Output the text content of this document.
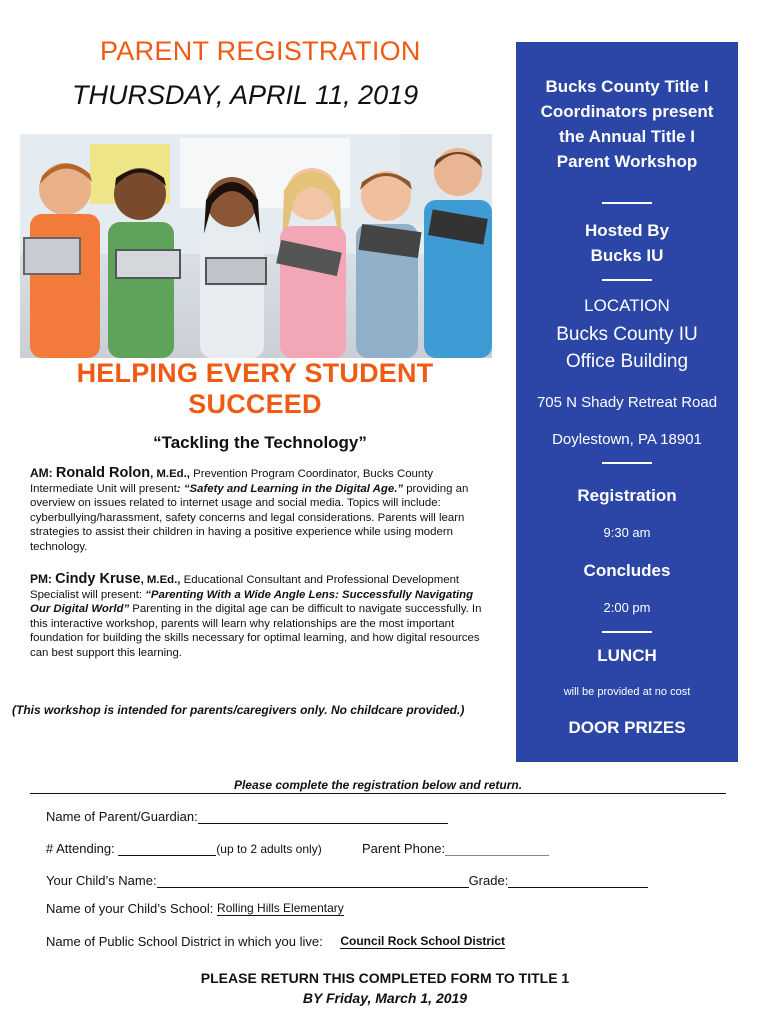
PARENT REGISTRATION
THURSDAY, APRIL 11, 2019
HELPING EVERY STUDENT
SUCCEED
“Tackling the Technology”
AM: Ronald Rolon, M.Ed., Prevention Program Coordinator, Bucks County Intermediate Unit will present: “Safety and Learning in the Digital Age.” providing an overview on issues related to internet usage and social media. Topics will include: cyberbullying/harassment, safety concerns and legal considerations. Parents will learn strategies to assist their children in having a positive experience while using modern technology.
PM: Cindy Kruse, M.Ed., Educational Consultant and Professional Development Specialist will present: “Parenting With a Wide Angle Lens: Successfully Navigating Our Digital World” Parenting in the digital age can be difficult to navigate successfully. In this interactive workshop, parents will learn why relationships are the most important foundation for building the skills necessary for optimal learning, and how digital resources can best support this learning.
(This workshop is intended for parents/caregivers only. No childcare provided.)
Bucks County Title I
Coordinators present
the Annual Title I
Parent Workshop
Hosted By
Bucks IU
LOCATION
Bucks County IU
Office Building
705 N Shady Retreat Road
Doylestown, PA 18901
Registration
9:30 am
Concludes
2:00 pm
LUNCH
will be provided at no cost
DOOR PRIZES
Please complete the registration below and return.
Name of Parent/Guardian:
# Attending:	(up to 2 adults only)	Parent Phone:
Your Child’s Name:	Grade:
Name of your Child’s School: Rolling Hills Elementary
Name of Public School District in which you live: Council Rock School District
PLEASE RETURN THIS COMPLETED FORM TO TITLE 1
BY Friday, March 1, 2019
